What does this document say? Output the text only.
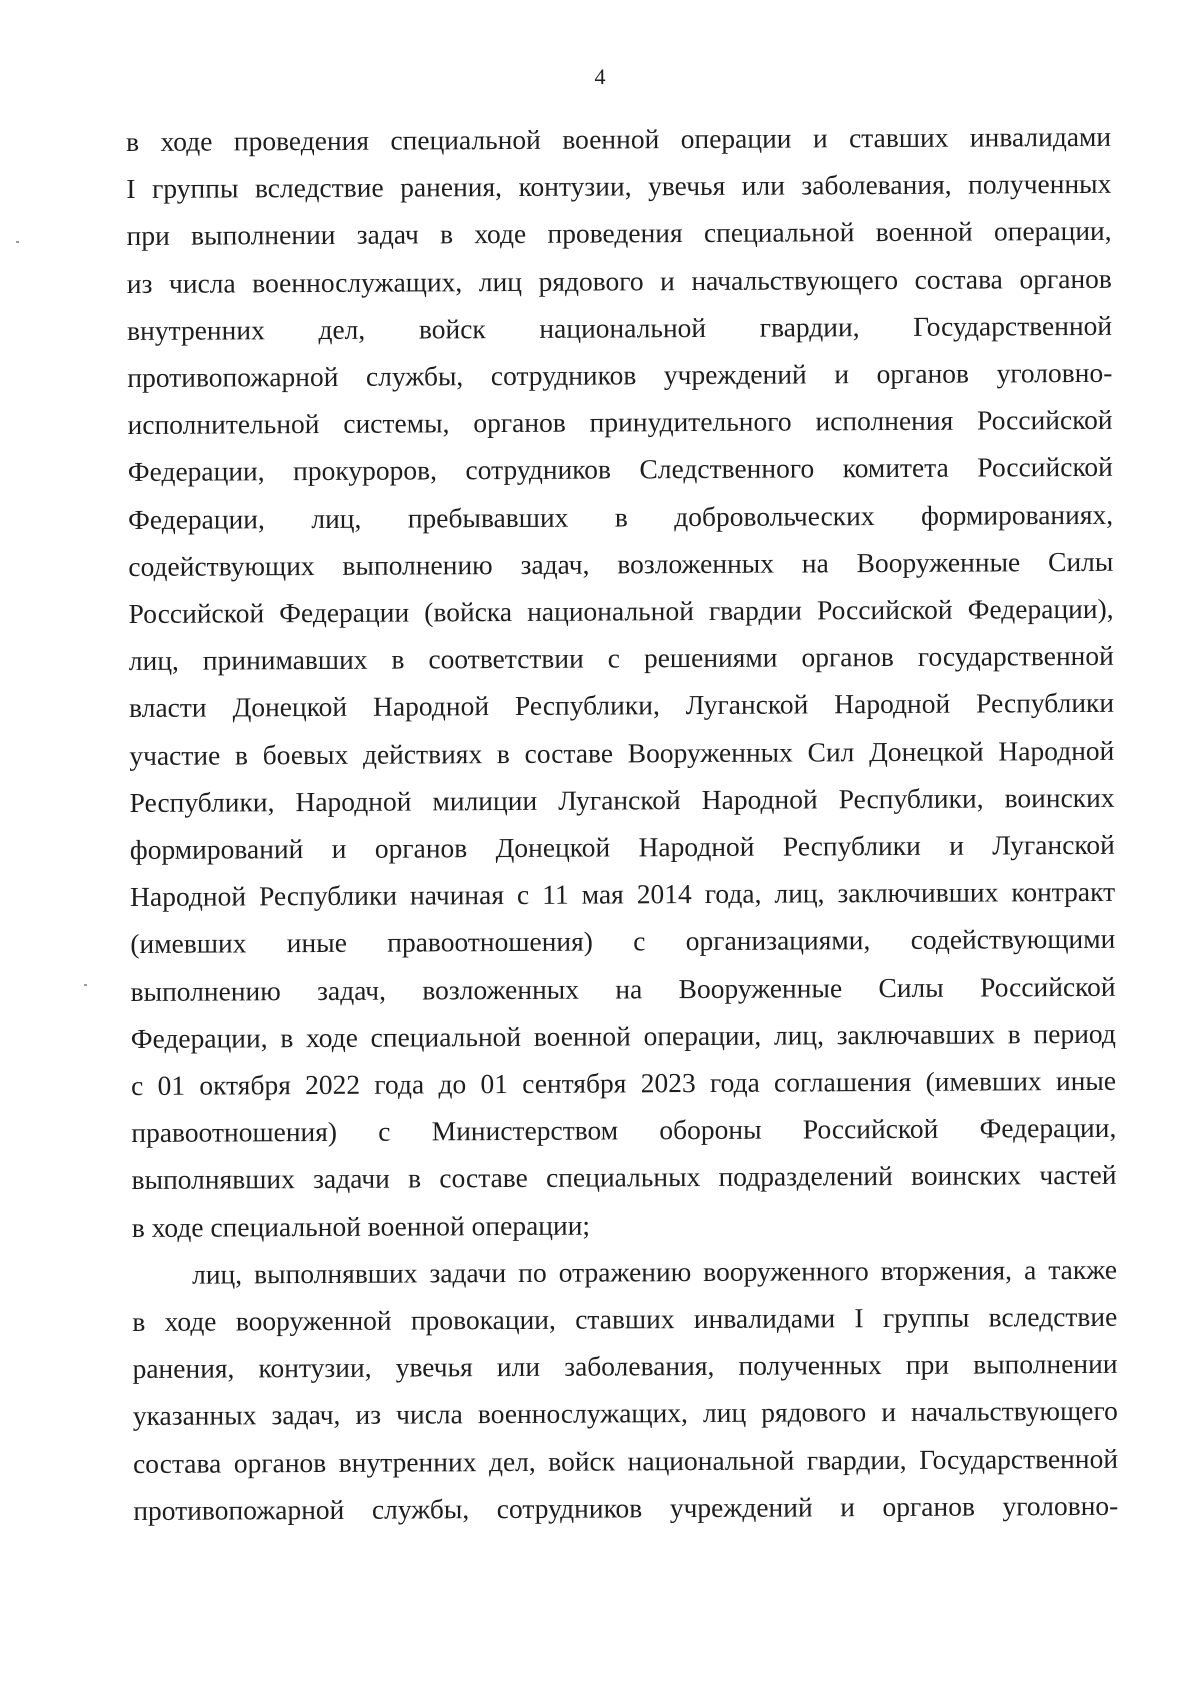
4
в ходе проведения специальной военной операции и ставших инвалидами
I группы вследствие ранения, контузии, увечья или заболевания, полученных
при выполнении задач в ходе проведения специальной военной операции,
из числа военнослужащих, лиц рядового и начальствующего состава органов
внутренних дел, войск национальной гвардии, Государственной
противопожарной службы, сотрудников учреждений и органов уголовно-
исполнительной системы, органов принудительного исполнения Российской
Федерации, прокуроров, сотрудников Следственного комитета Российской
Федерации, лиц, пребывавших в добровольческих формированиях,
содействующих выполнению задач, возложенных на Вооруженные Силы
Российской Федерации (войска национальной гвардии Российской Федерации),
лиц, принимавших в соответствии с решениями органов государственной
власти Донецкой Народной Республики, Луганской Народной Республики
участие в боевых действиях в составе Вооруженных Сил Донецкой Народной
Республики, Народной милиции Луганской Народной Республики, воинских
формирований и органов Донецкой Народной Республики и Луганской
Народной Республики начиная с 11 мая 2014 года, лиц, заключивших контракт
(имевших иные правоотношения) с организациями, содействующими
выполнению задач, возложенных на Вооруженные Силы Российской
Федерации, в ходе специальной военной операции, лиц, заключавших в период
с 01 октября 2022 года до 01 сентября 2023 года соглашения (имевших иные
правоотношения) с Министерством обороны Российской Федерации,
выполнявших задачи в составе специальных подразделений воинских частей
в ходе специальной военной операции;
лиц, выполнявших задачи по отражению вооруженного вторжения, а также
в ходе вооруженной провокации, ставших инвалидами I группы вследствие
ранения, контузии, увечья или заболевания, полученных при выполнении
указанных задач, из числа военнослужащих, лиц рядового и начальствующего
состава органов внутренних дел, войск национальной гвардии, Государственной
противопожарной службы, сотрудников учреждений и органов уголовно-
